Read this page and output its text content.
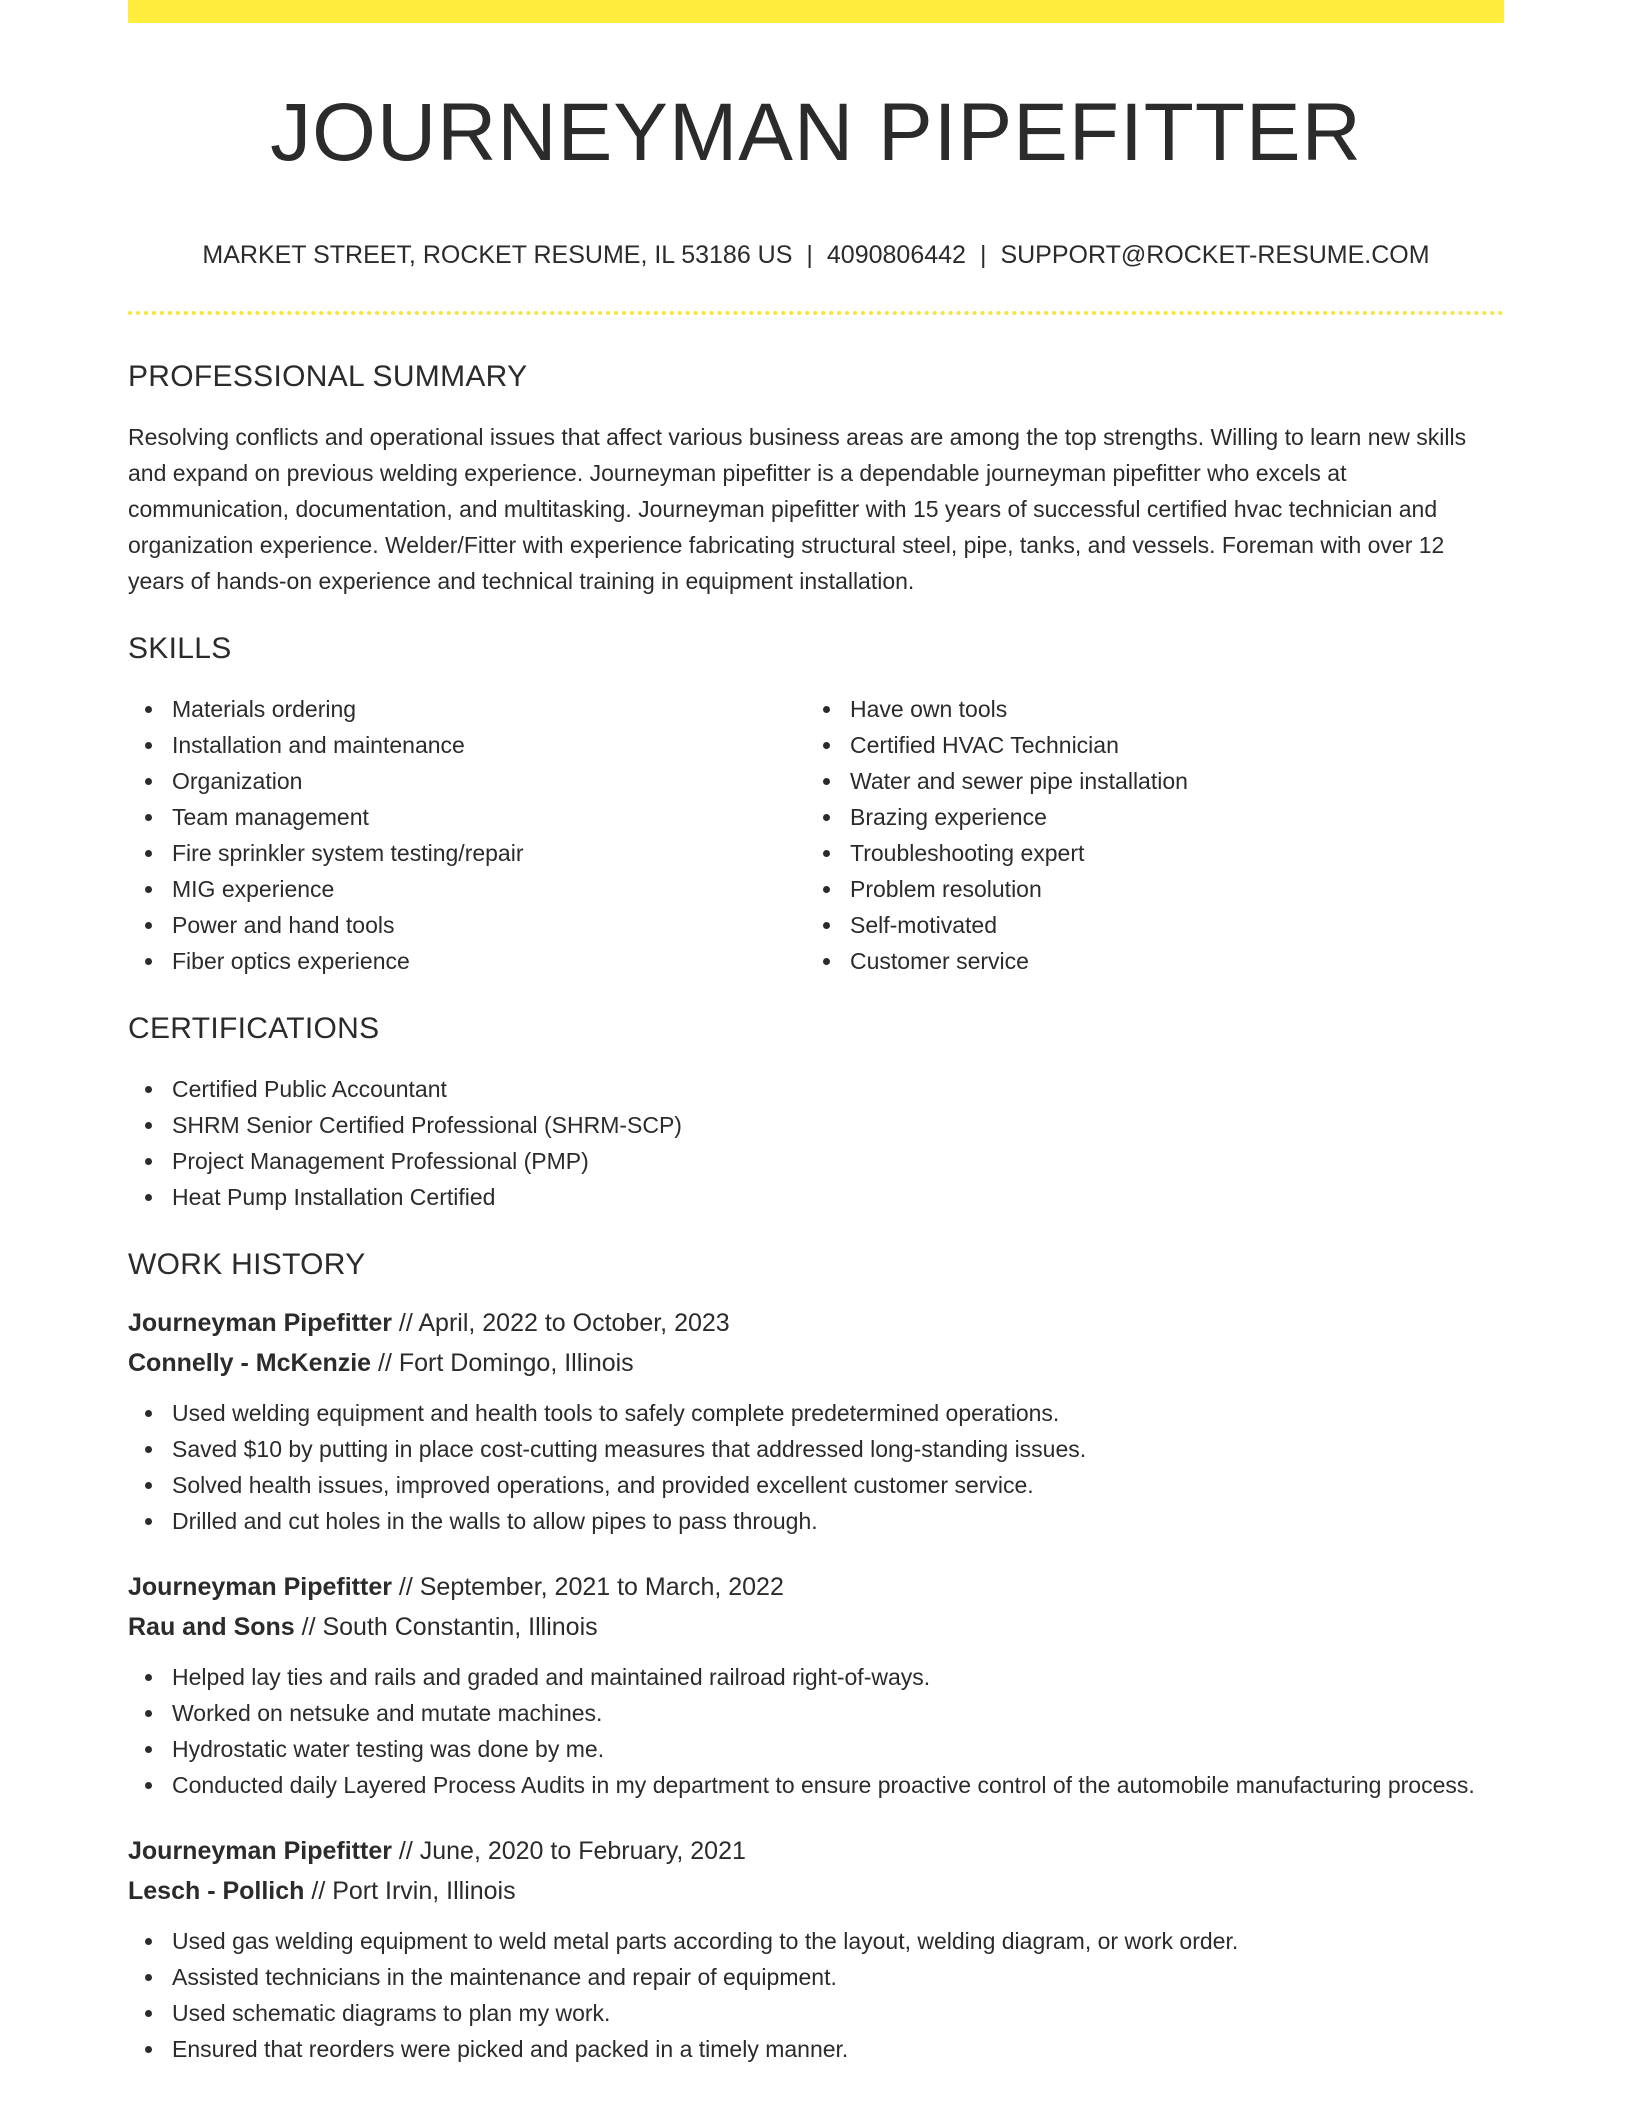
JOURNEYMAN PIPEFITTER
MARKET STREET, ROCKET RESUME, IL 53186 US | 4090806442 | SUPPORT@ROCKET-RESUME.COM
PROFESSIONAL SUMMARY

Resolving conflicts and operational issues that affect various business areas are among the top strengths. Willing to learn new skills and expand on previous welding experience. Journeyman pipefitter is a dependable journeyman pipefitter who excels at communication, documentation, and multitasking. Journeyman pipefitter with 15 years of successful certified hvac technician and organization experience. Welder/Fitter with experience fabricating structural steel, pipe, tanks, and vessels. Foreman with over 12 years of hands-on experience and technical training in equipment installation.

SKILLS
Materials ordering
Installation and maintenance
Organization
Team management
Fire sprinkler system testing/repair
MIG experience
Power and hand tools
Fiber optics experience
Have own tools
Certified HVAC Technician
Water and sewer pipe installation
Brazing experience
Troubleshooting expert
Problem resolution
Self-motivated
Customer service
CERTIFICATIONS
Certified Public Accountant
SHRM Senior Certified Professional (SHRM-SCP)
Project Management Professional (PMP)
Heat Pump Installation Certified
WORK HISTORY
Journeyman Pipefitter // April, 2022 to October, 2023
Connelly - McKenzie // Fort Domingo, Illinois
Used welding equipment and health tools to safely complete predetermined operations.
Saved $10 by putting in place cost-cutting measures that addressed long-standing issues.
Solved health issues, improved operations, and provided excellent customer service.
Drilled and cut holes in the walls to allow pipes to pass through.
Journeyman Pipefitter // September, 2021 to March, 2022
Rau and Sons // South Constantin, Illinois
Helped lay ties and rails and graded and maintained railroad right-of-ways.
Worked on netsuke and mutate machines.
Hydrostatic water testing was done by me.
Conducted daily Layered Process Audits in my department to ensure proactive control of the automobile manufacturing process.
Journeyman Pipefitter // June, 2020 to February, 2021
Lesch - Pollich // Port Irvin, Illinois
Used gas welding equipment to weld metal parts according to the layout, welding diagram, or work order.
Assisted technicians in the maintenance and repair of equipment.
Used schematic diagrams to plan my work.
Ensured that reorders were picked and packed in a timely manner.
